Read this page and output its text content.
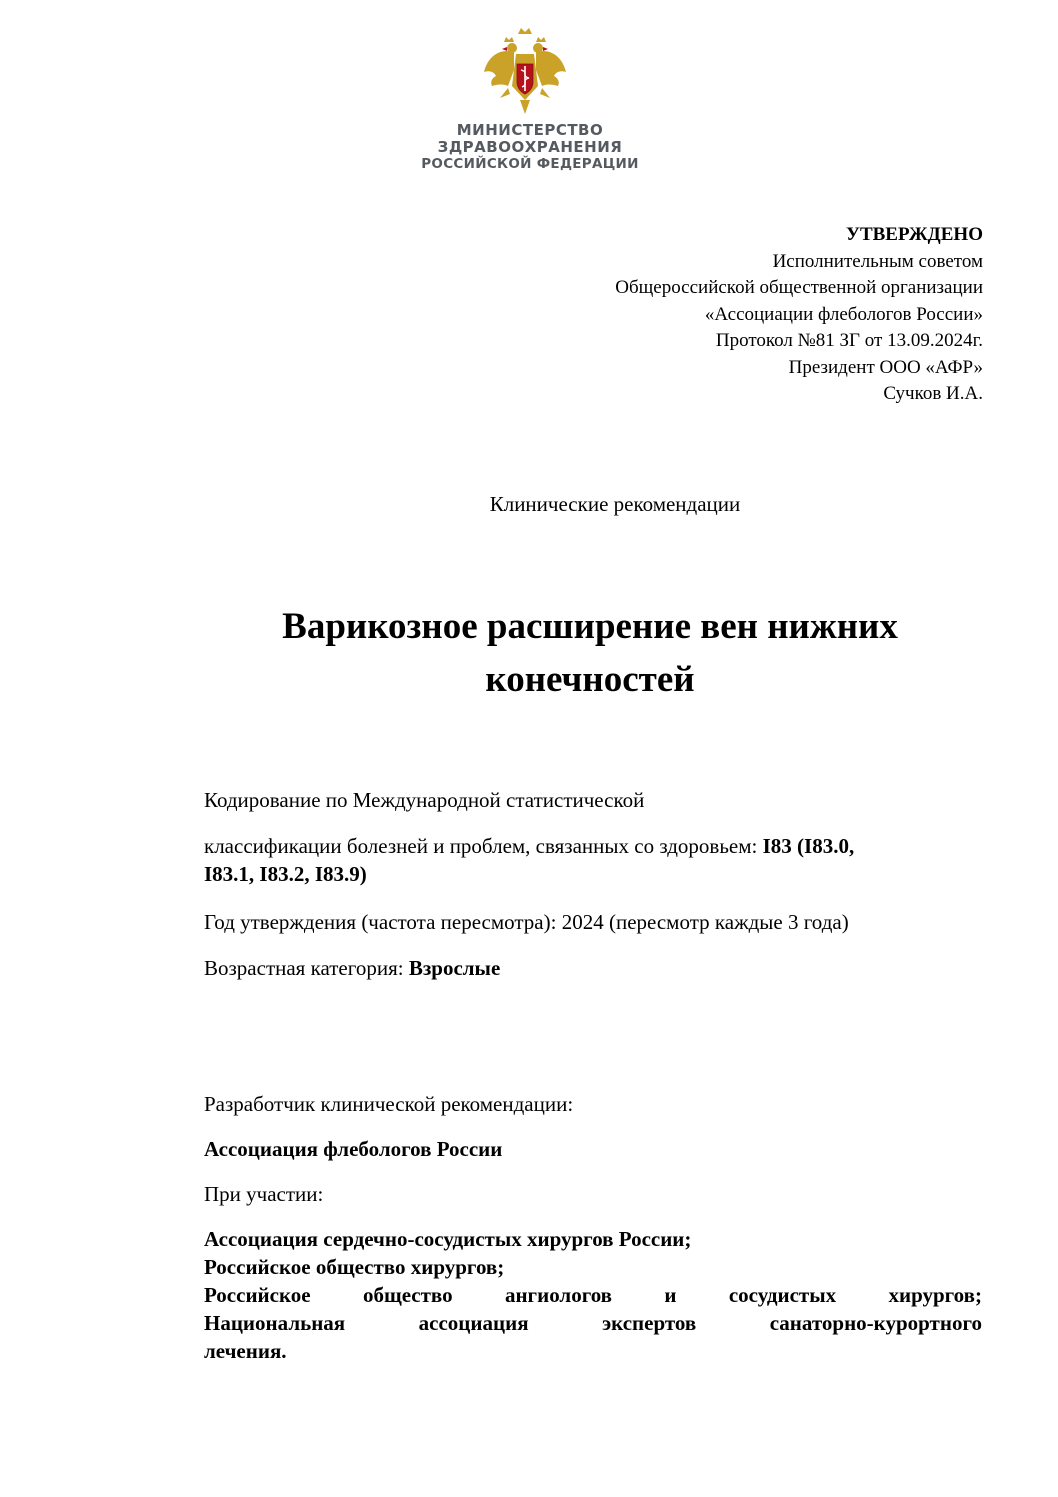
МИНИСТЕРСТВО
ЗДРАВООХРАНЕНИЯ
РОССИЙСКОЙ ФЕДЕРАЦИИ
УТВЕРЖДЕНО
Исполнительным советом
Общероссийской общественной организации
«Ассоциации флебологов России»
Протокол №81 ЗГ от 13.09.2024г.
Президент ООО «АФР»
Сучков И.А.
Клинические рекомендации
Варикозное расширение вен нижних
конечностей
Кодирование по Международной статистической
классификации болезней и проблем, связанных со здоровьем: I83 (I83.0,
I83.1, I83.2, I83.9)
Год утверждения (частота пересмотра): 2024 (пересмотр каждые 3 года)
Возрастная категория: Взрослые
Разработчик клинической рекомендации:
Ассоциация флебологов России
При участии:
Ассоциация сердечно-сосудистых хирургов России;
Российское общество хирургов;
Российское общество ангиологов и сосудистых хирургов;
Национальная ассоциация экспертов санаторно-курортного
лечения.
